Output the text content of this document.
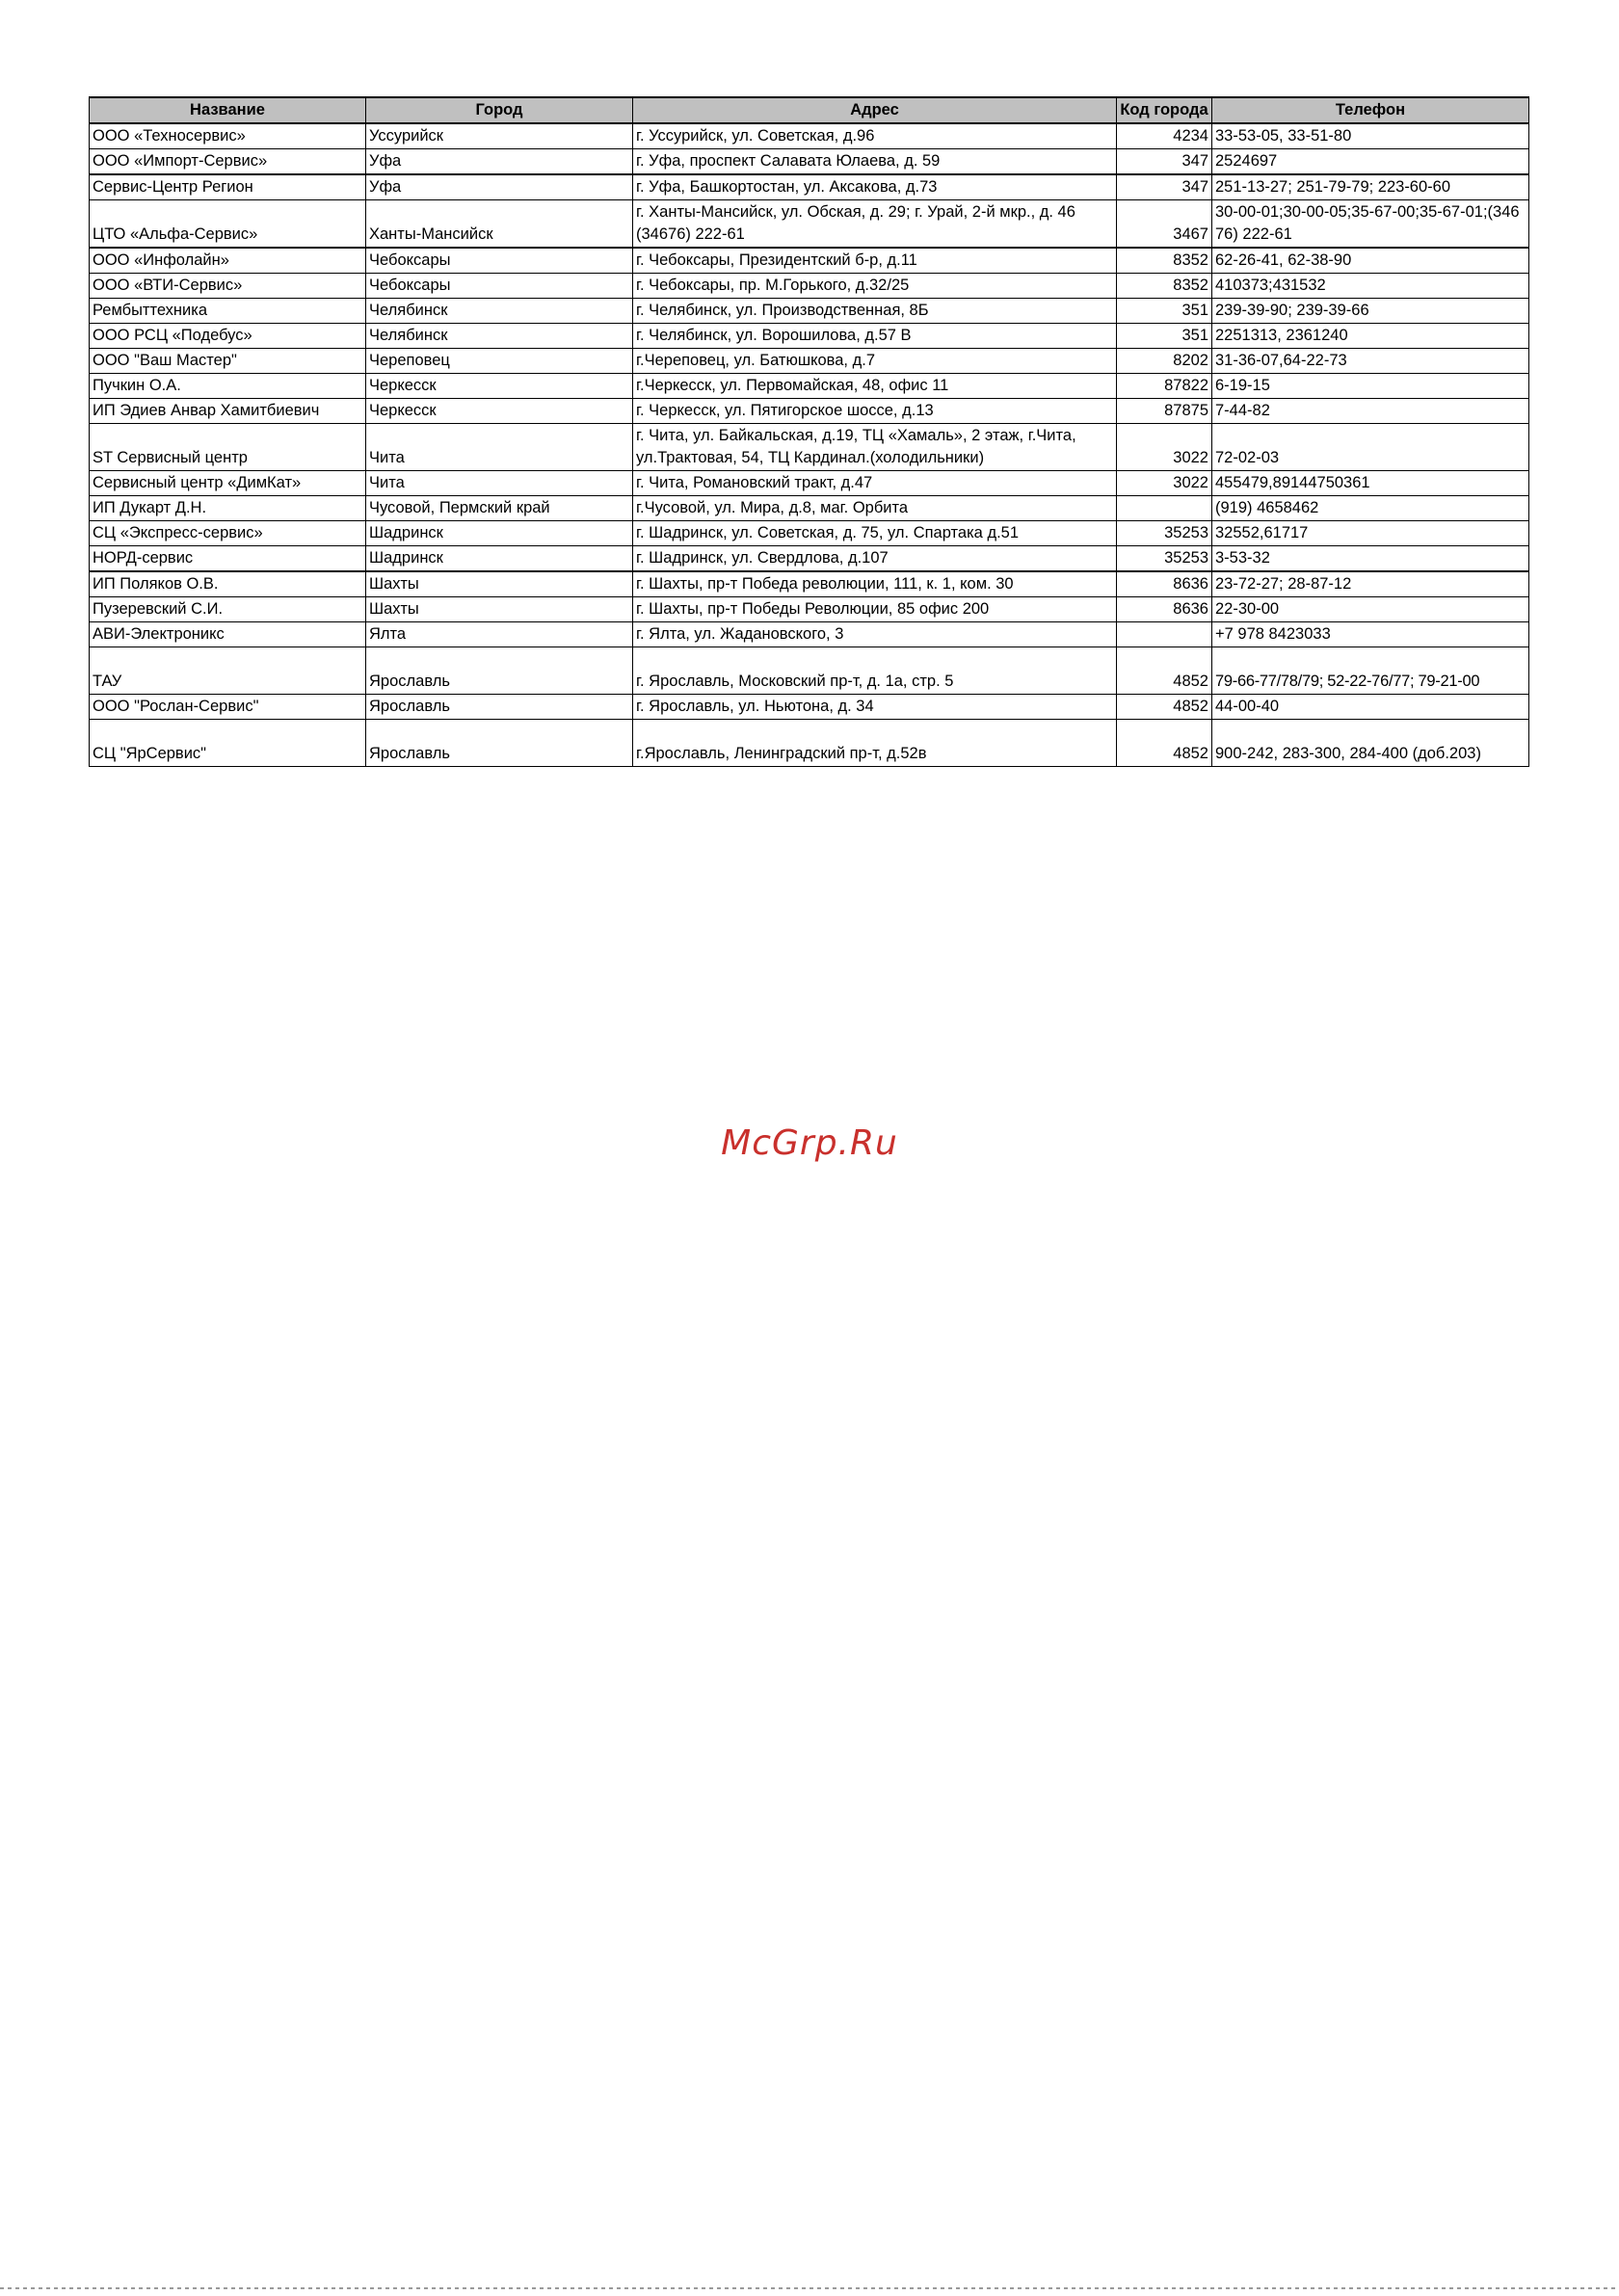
Название	Город	Адрес	Код города	Телефон
ООО «Техносервис»	Уссурийск	г. Уссурийск, ул. Советская, д.96	4234	33-53-05, 33-51-80
ООО «Импорт-Сервис»	Уфа	г. Уфа, проспект Салавата Юлаева, д. 59	347	2524697
Сервис-Центр Регион	Уфа	г. Уфа, Башкортостан, ул. Аксакова, д.73	347	251-13-27; 251-79-79; 223-60-60
ЦТО «Альфа-Сервис»	Ханты-Мансийск	г. Ханты-Мансийск, ул. Обская, д. 29; г. Урай, 2-й мкр., д. 46 (34676) 222-61	3467	30-00-01;30-00-05;35-67-00;35-67-01;(34676) 222-61
ООО «Инфолайн»	Чебоксары	г. Чебоксары, Президентский б-р, д.11	8352	62-26-41, 62-38-90
ООО «ВТИ-Сервис»	Чебоксары	г. Чебоксары, пр. М.Горького, д.32/25	8352	410373;431532
Рембыттехника	Челябинск	г. Челябинск, ул. Производственная, 8Б	351	239-39-90; 239-39-66
ООО РСЦ «Подебус»	Челябинск	г. Челябинск, ул. Ворошилова, д.57 В	351	2251313, 2361240
ООО "Ваш Мастер"	Череповец	г.Череповец, ул. Батюшкова, д.7	8202	31-36-07,64-22-73
Пучкин О.А.	Черкесск	г.Черкесск, ул. Первомайская, 48, офис 11	87822	6-19-15
ИП Эдиев Анвар Хамитбиевич	Черкесск	г. Черкесск, ул. Пятигорское шоссе, д.13	87875	7-44-82
ST Сервисный центр	Чита	г. Чита, ул. Байкальская, д.19, ТЦ «Хамаль», 2 этаж, г.Чита, ул.Трактовая, 54, ТЦ Кардинал.(холодильники)	3022	72-02-03
Сервисный центр «ДимКат»	Чита	г. Чита, Романовский тракт, д.47	3022	455479,89144750361
ИП Дукарт Д.Н.	Чусовой, Пермский край	г.Чусовой, ул. Мира, д.8, маг. Орбита		(919) 4658462
СЦ «Экспресс-сервис»	Шадринск	г. Шадринск, ул. Советская, д. 75, ул. Спартака д.51	35253	32552,61717
НОРД-сервис	Шадринск	г. Шадринск, ул. Свердлова, д.107	35253	3-53-32
ИП Поляков О.В.	Шахты	г. Шахты, пр-т Победа революции, 111, к. 1, ком. 30	8636	23-72-27; 28-87-12
Пузеревский С.И.	Шахты	г. Шахты, пр-т Победы Революции, 85 офис 200	8636	22-30-00
АВИ-Электроникс	Ялта	г. Ялта, ул. Жадановского, 3		+7 978 8423033
ТАУ	Ярославль	г. Ярославль, Московский пр-т, д. 1а, стр. 5	4852	79-66-77/78/79; 52-22-76/77; 79-21-00
ООО "Рослан-Сервис"	Ярославль	г. Ярославль, ул. Ньютона, д. 34	4852	44-00-40
СЦ "ЯрСервис"	Ярославль	г.Ярославль, Ленинградский пр-т, д.52в	4852	900-242, 283-300, 284-400 (доб.203)
McGrp.Ru
